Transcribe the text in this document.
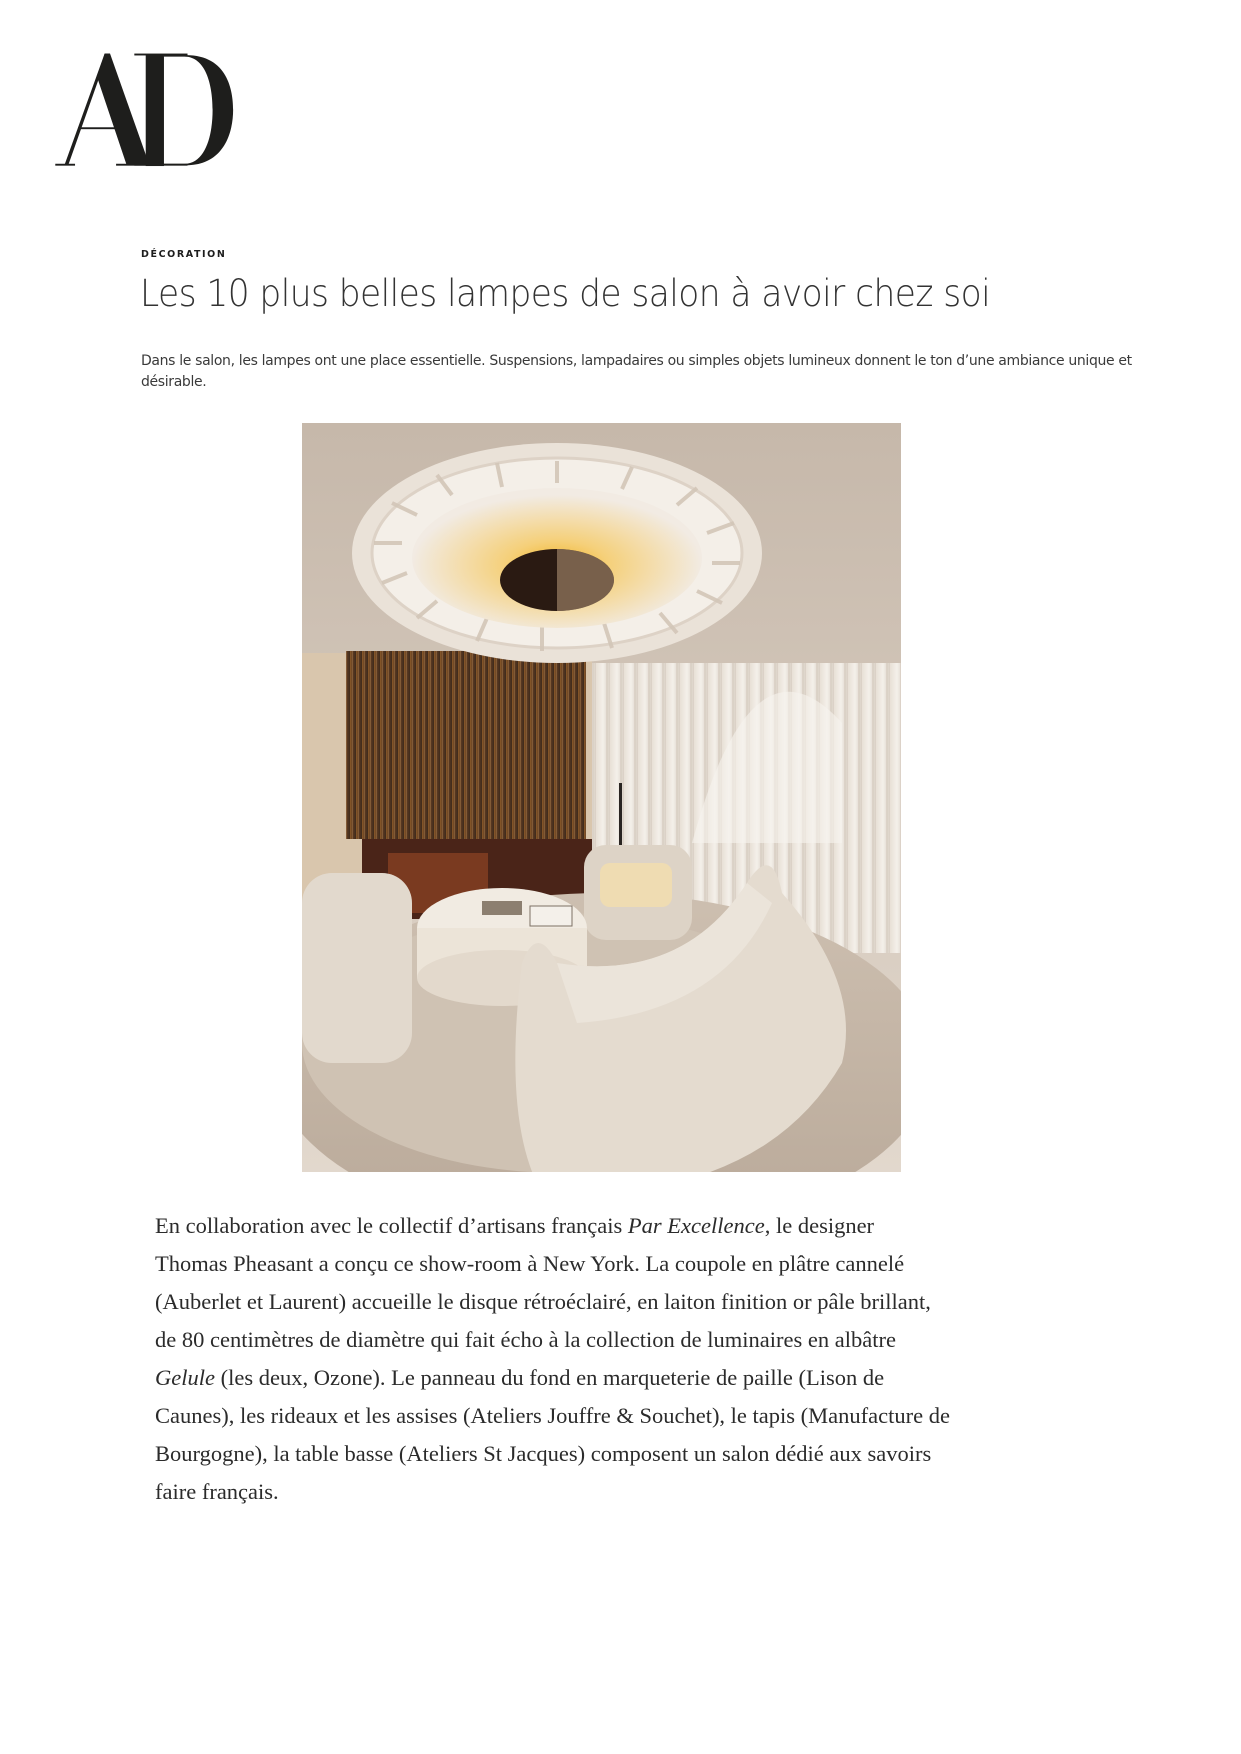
DÉCORATION
Les 10 plus belles lampes de salon à avoir chez soi
Dans le salon, les lampes ont une place essentielle. Suspensions, lampadaires ou simples objets lumineux donnent le ton d’une ambiance unique et désirable.

En collaboration avec le collectif d’artisans français Par Excellence, le designer
Thomas Pheasant a conçu ce show-room à New York. La coupole en plâtre cannelé
(Auberlet et Laurent) accueille le disque rétroéclairé, en laiton finition or pâle brillant,
de 80 centimètres de diamètre qui fait écho à la collection de luminaires en albâtre
Gelule (les deux, Ozone). Le panneau du fond en marqueterie de paille (Lison de
Caunes), les rideaux et les assises (Ateliers Jouffre & Souchet), le tapis (Manufacture de
Bourgogne), la table basse (Ateliers St Jacques) composent un salon dédié aux savoirs
faire français.
